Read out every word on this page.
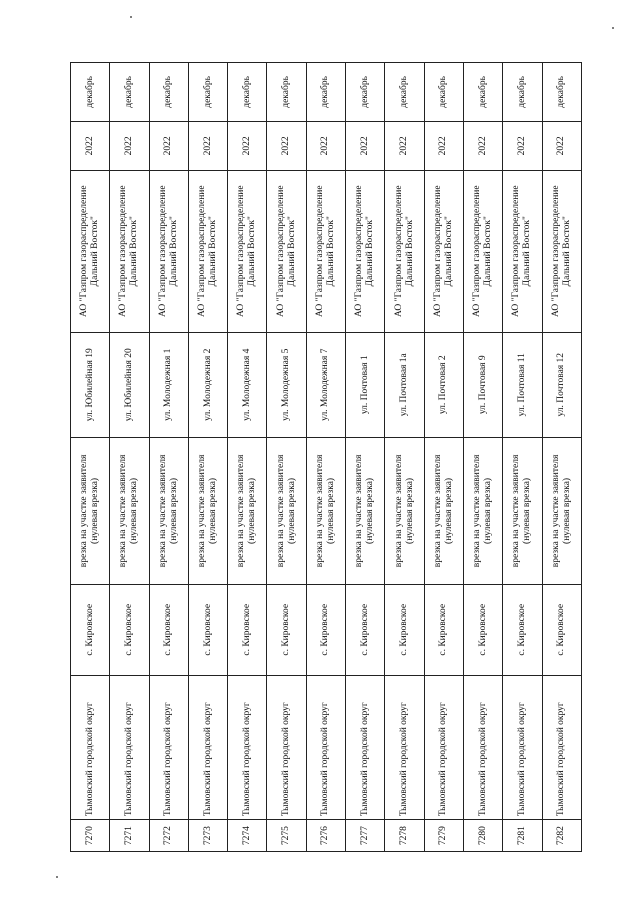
7270	Тымовский городской округ	с. Кировское	врезка на участке заявителя (нулевая врезка)	ул. Юбилейная 19	АО "Газпром газораспределение Дальний Восток"	2022	декабрь
7271	Тымовский городской округ	с. Кировское	врезка на участке заявителя (нулевая врезка)	ул. Юбилейная 20	АО "Газпром газораспределение Дальний Восток"	2022	декабрь
7272	Тымовский городской округ	с. Кировское	врезка на участке заявителя (нулевая врезка)	ул. Молодежная 1	АО "Газпром газораспределение Дальний Восток"	2022	декабрь
7273	Тымовский городской округ	с. Кировское	врезка на участке заявителя (нулевая врезка)	ул. Молодежная 2	АО "Газпром газораспределение Дальний Восток"	2022	декабрь
7274	Тымовский городской округ	с. Кировское	врезка на участке заявителя (нулевая врезка)	ул. Молодежная 4	АО "Газпром газораспределение Дальний Восток"	2022	декабрь
7275	Тымовский городской округ	с. Кировское	врезка на участке заявителя (нулевая врезка)	ул. Молодежная 5	АО "Газпром газораспределение Дальний Восток"	2022	декабрь
7276	Тымовский городской округ	с. Кировское	врезка на участке заявителя (нулевая врезка)	ул. Молодежная 7	АО "Газпром газораспределение Дальний Восток"	2022	декабрь
7277	Тымовский городской округ	с. Кировское	врезка на участке заявителя (нулевая врезка)	ул. Почтовая 1	АО "Газпром газораспределение Дальний Восток"	2022	декабрь
7278	Тымовский городской округ	с. Кировское	врезка на участке заявителя (нулевая врезка)	ул. Почтовая 1а	АО "Газпром газораспределение Дальний Восток"	2022	декабрь
7279	Тымовский городской округ	с. Кировское	врезка на участке заявителя (нулевая врезка)	ул. Почтовая 2	АО "Газпром газораспределение Дальний Восток"	2022	декабрь
7280	Тымовский городской округ	с. Кировское	врезка на участке заявителя (нулевая врезка)	ул. Почтовая 9	АО "Газпром газораспределение Дальний Восток"	2022	декабрь
7281	Тымовский городской округ	с. Кировское	врезка на участке заявителя (нулевая врезка)	ул. Почтовая 11	АО "Газпром газораспределение Дальний Восток"	2022	декабрь
7282	Тымовский городской округ	с. Кировское	врезка на участке заявителя (нулевая врезка)	ул. Почтовая 12	АО "Газпром газораспределение Дальний Восток"	2022	декабрь
